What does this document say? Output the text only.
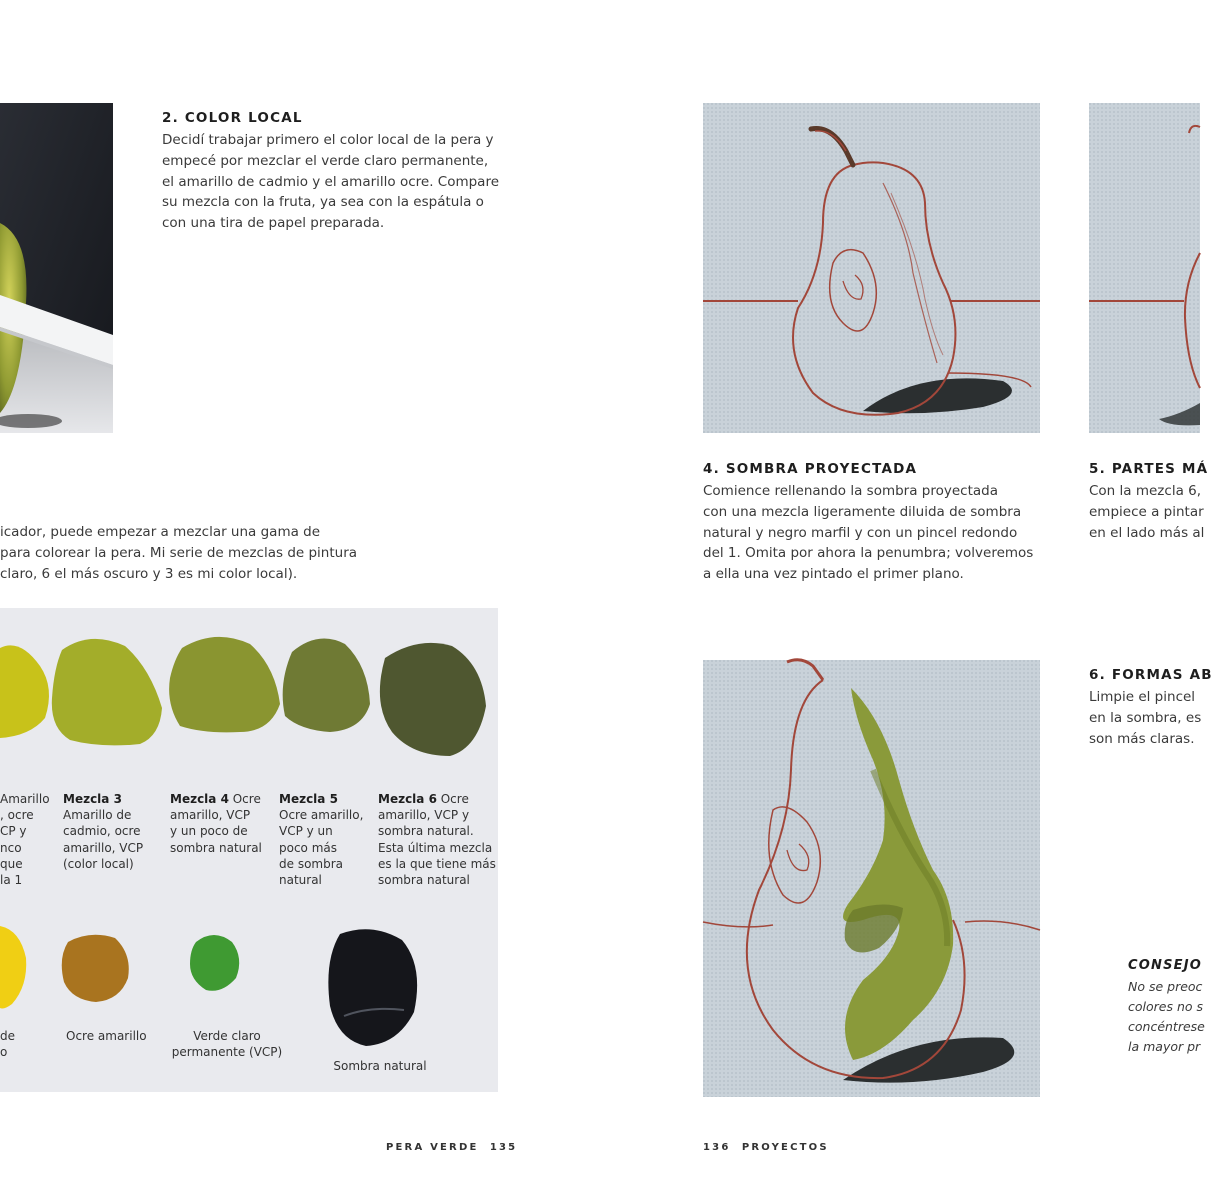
2. COLOR LOCAL
Decidí trabajar primero el color local de la pera y
empecé por mezclar el verde claro permanente,
el amarillo de cadmio y el amarillo ocre. Compare
su mezcla con la fruta, ya sea con la espátula o
con una tira de papel preparada.
icador, puede empezar a mezclar una gama de
para colorear la pera. Mi serie de mezclas de pintura
claro, 6 el más oscuro y 3 es mi color local).
Amarillo
, ocre
CP y
nco
que
la 1
Mezcla 3
Amarillo de
cadmio, ocre
amarillo, VCP
(color local)
Mezcla 4 Ocre
amarillo, VCP
y un poco de
sombra natural
Mezcla 5
Ocre amarillo,
VCP y un
poco más
de sombra
natural
Mezcla 6 Ocre
amarillo, VCP y
sombra natural.
Esta última mezcla
es la que tiene más
sombra natural
de
o
Ocre amarillo	Verde claro
permanente (VCP)
Sombra natural
PERA VERDE  135
4. SOMBRA PROYECTADA
Comience rellenando la sombra proyectada
con una mezcla ligeramente diluida de sombra
natural y negro marfil y con un pincel redondo
del 1. Omita por ahora la penumbra; volveremos
a ella una vez pintado el primer plano.
5. PARTES MÁ
Con la mezcla 6,
empiece a pintar
en el lado más al
6. FORMAS AB
Limpie el pincel
en la sombra, es
son más claras.
CONSEJO
No se preoc
colores no s
concéntrese
la mayor pr
136  PROYECTOS
